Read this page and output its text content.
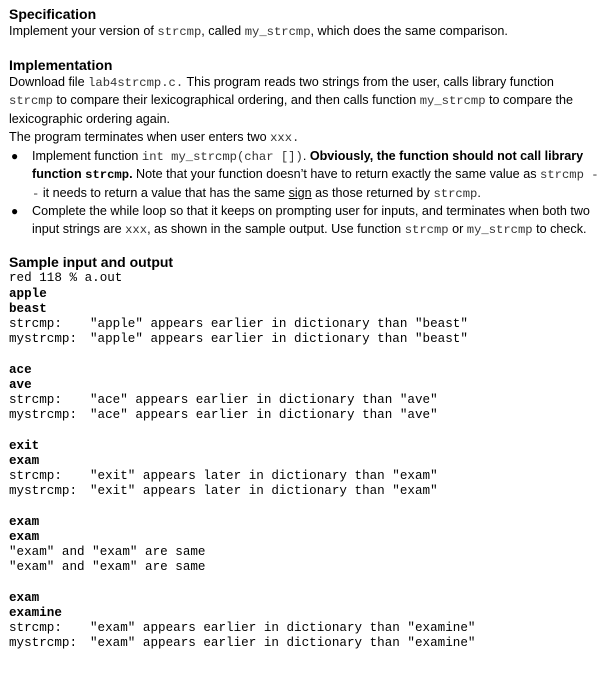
Specification

Implement your version of strcmp, called my_strcmp, which does the same comparison.

Implementation

Download file lab4strcmp.c. This program reads two strings from the user, calls library function strcmp to compare their lexicographical ordering, and then calls function my_strcmp to compare the lexicographic ordering again.
The program terminates when user enters two xxx.

● Implement function int my_strcmp(char []). Obviously, the function should not call library function strcmp. Note that your function doesn’t have to return exactly the same value as strcmp -- it needs to return a value that has the same sign as those returned by strcmp.
● Complete the while loop so that it keeps on prompting user for inputs, and terminates when both two input strings are xxx, as shown in the sample output. Use function strcmp or my_strcmp to check.
Sample input and output
red 118 % a.out
apple
beast
strcmp: "apple" appears earlier in dictionary than "beast"
mystrcmp: "apple" appears earlier in dictionary than "beast"
ace
ave
strcmp: "ace" appears earlier in dictionary than "ave"
mystrcmp: "ace" appears earlier in dictionary than "ave"
exit
exam
strcmp: "exit" appears later in dictionary than "exam"
mystrcmp: "exit" appears later in dictionary than "exam"
exam
exam
"exam" and "exam" are same
"exam" and "exam" are same
exam
examine
strcmp: "exam" appears earlier in dictionary than "examine"
mystrcmp: "exam" appears earlier in dictionary than "examine"
